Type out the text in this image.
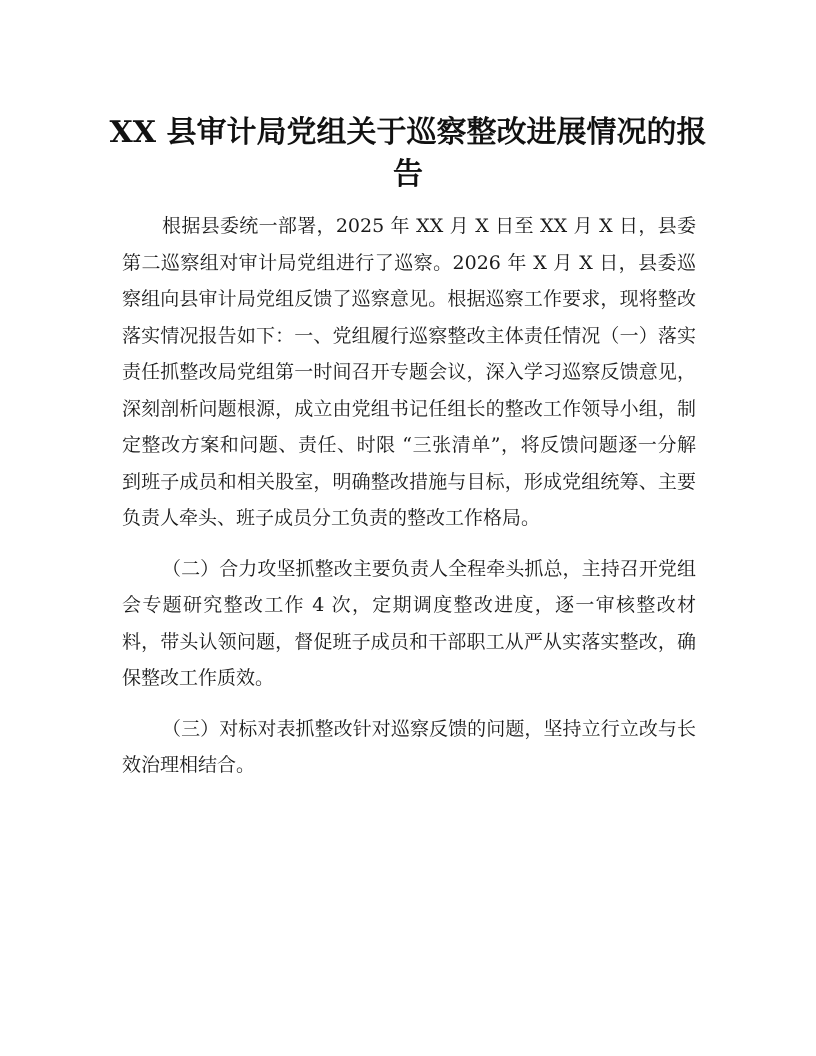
XX 县审计局党组关于巡察整改进展情况的报告

根据县委统一部署，2025 年 XX 月 X 日至 XX 月 X 日，县委第二巡察组对审计局党组进行了巡察。2026 年 X 月 X 日，县委巡察组向县审计局党组反馈了巡察意见。根据巡察工作要求，现将整改落实情况报告如下：一、党组履行巡察整改主体责任情况（一）落实责任抓整改局党组第一时间召开专题会议，深入学习巡察反馈意见，深刻剖析问题根源，成立由党组书记任组长的整改工作领导小组，制定整改方案和问题、责任、时限 “三张清单”，将反馈问题逐一分解到班子成员和相关股室，明确整改措施与目标，形成党组统筹、主要负责人牵头、班子成员分工负责的整改工作格局。

（二）合力攻坚抓整改主要负责人全程牵头抓总，主持召开党组会专题研究整改工作 4 次，定期调度整改进度，逐一审核整改材料，带头认领问题，督促班子成员和干部职工从严从实落实整改，确保整改工作质效。

（三）对标对表抓整改针对巡察反馈的问题，坚持立行立改与长效治理相结合。
